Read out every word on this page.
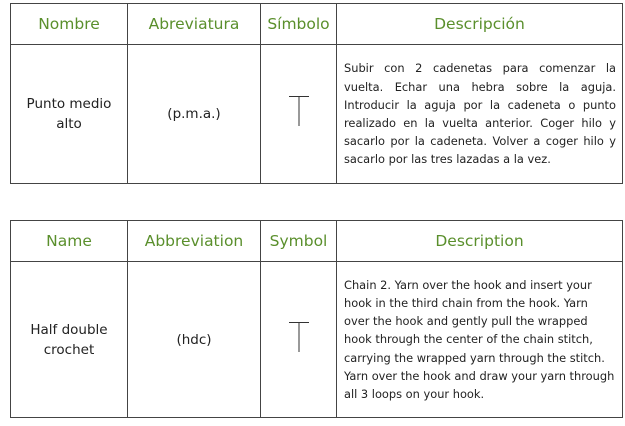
Nombre	Abreviatura	Símbolo	Descripción
Punto medio alto	(p.m.a.)		Subir con 2 cadenetas para comenzar la vuelta. Echar una hebra sobre la aguja. Introducir la aguja por la cadeneta o punto realizado en la vuelta anterior. Coger hilo y sacarlo por la cadeneta. Volver a coger hilo y sacarlo por las tres lazadas a la vez.
Name	Abbreviation	Symbol	Description
Half double crochet	(hdc)		Chain 2. Yarn over the hook and insert your hook in the third chain from the hook. Yarn over the hook and gently pull the wrapped hook through the center of the chain stitch, carrying the wrapped yarn through the stitch. Yarn over the hook and draw your yarn through all 3 loops on your hook.
